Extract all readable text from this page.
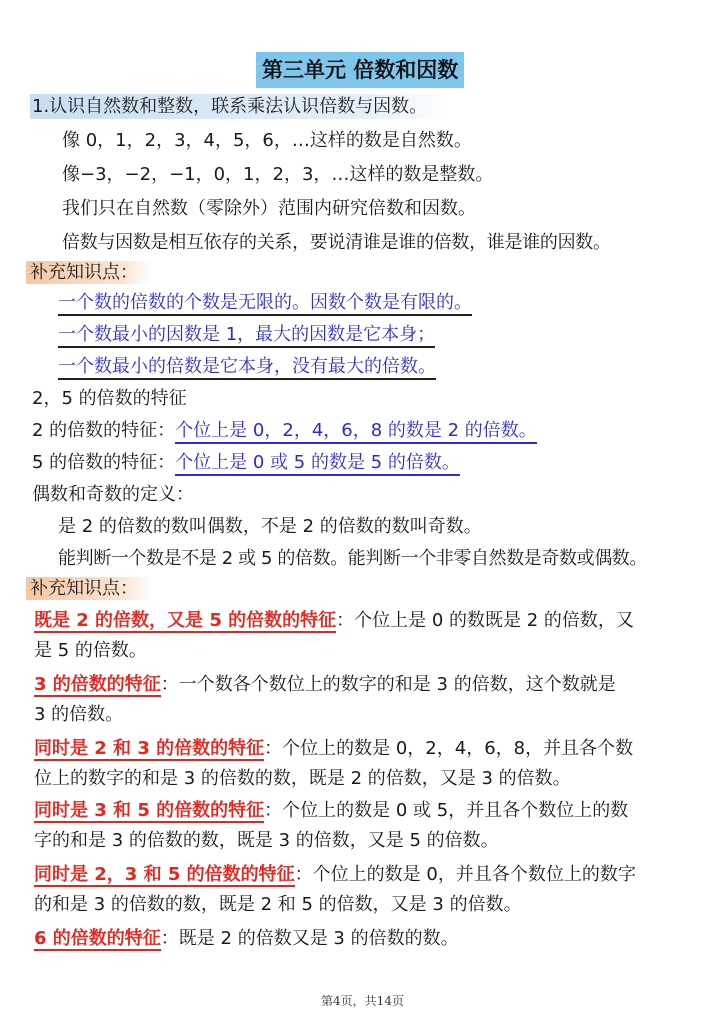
第三单元 倍数和因数
1.认识自然数和整数，联系乘法认识倍数与因数。
像 0，1，2，3，4，5，6，…这样的数是自然数。
像−3，−2，−1，0，1，2，3，…这样的数是整数。
我们只在自然数（零除外）范围内研究倍数和因数。
倍数与因数是相互依存的关系，要说清谁是谁的倍数，谁是谁的因数。
补充知识点：
一个数的倍数的个数是无限的。因数个数是有限的。
一个数最小的因数是 1，最大的因数是它本身；
一个数最小的倍数是它本身，没有最大的倍数。
2，5 的倍数的特征
2 的倍数的特征：个位上是 0，2，4，6，8 的数是 2 的倍数。
5 的倍数的特征：个位上是 0 或 5 的数是 5 的倍数。
偶数和奇数的定义：
是 2 的倍数的数叫偶数，不是 2 的倍数的数叫奇数。
能判断一个数是不是 2 或 5 的倍数。能判断一个非零自然数是奇数或偶数。
补充知识点：
既是 2 的倍数，又是 5 的倍数的特征：个位上是 0 的数既是 2 的倍数，又
是 5 的倍数。
3 的倍数的特征：一个数各个数位上的数字的和是 3 的倍数，这个数就是
3 的倍数。
同时是 2 和 3 的倍数的特征：个位上的数是 0，2，4，6，8，并且各个数
位上的数字的和是 3 的倍数的数，既是 2 的倍数，又是 3 的倍数。
同时是 3 和 5 的倍数的特征：个位上的数是 0 或 5，并且各个数位上的数
字的和是 3 的倍数的数，既是 3 的倍数，又是 5 的倍数。
同时是 2，3 和 5 的倍数的特征：个位上的数是 0，并且各个数位上的数字
的和是 3 的倍数的数，既是 2 和 5 的倍数，又是 3 的倍数。
6 的倍数的特征：既是 2 的倍数又是 3 的倍数的数。
第4页，共14页
